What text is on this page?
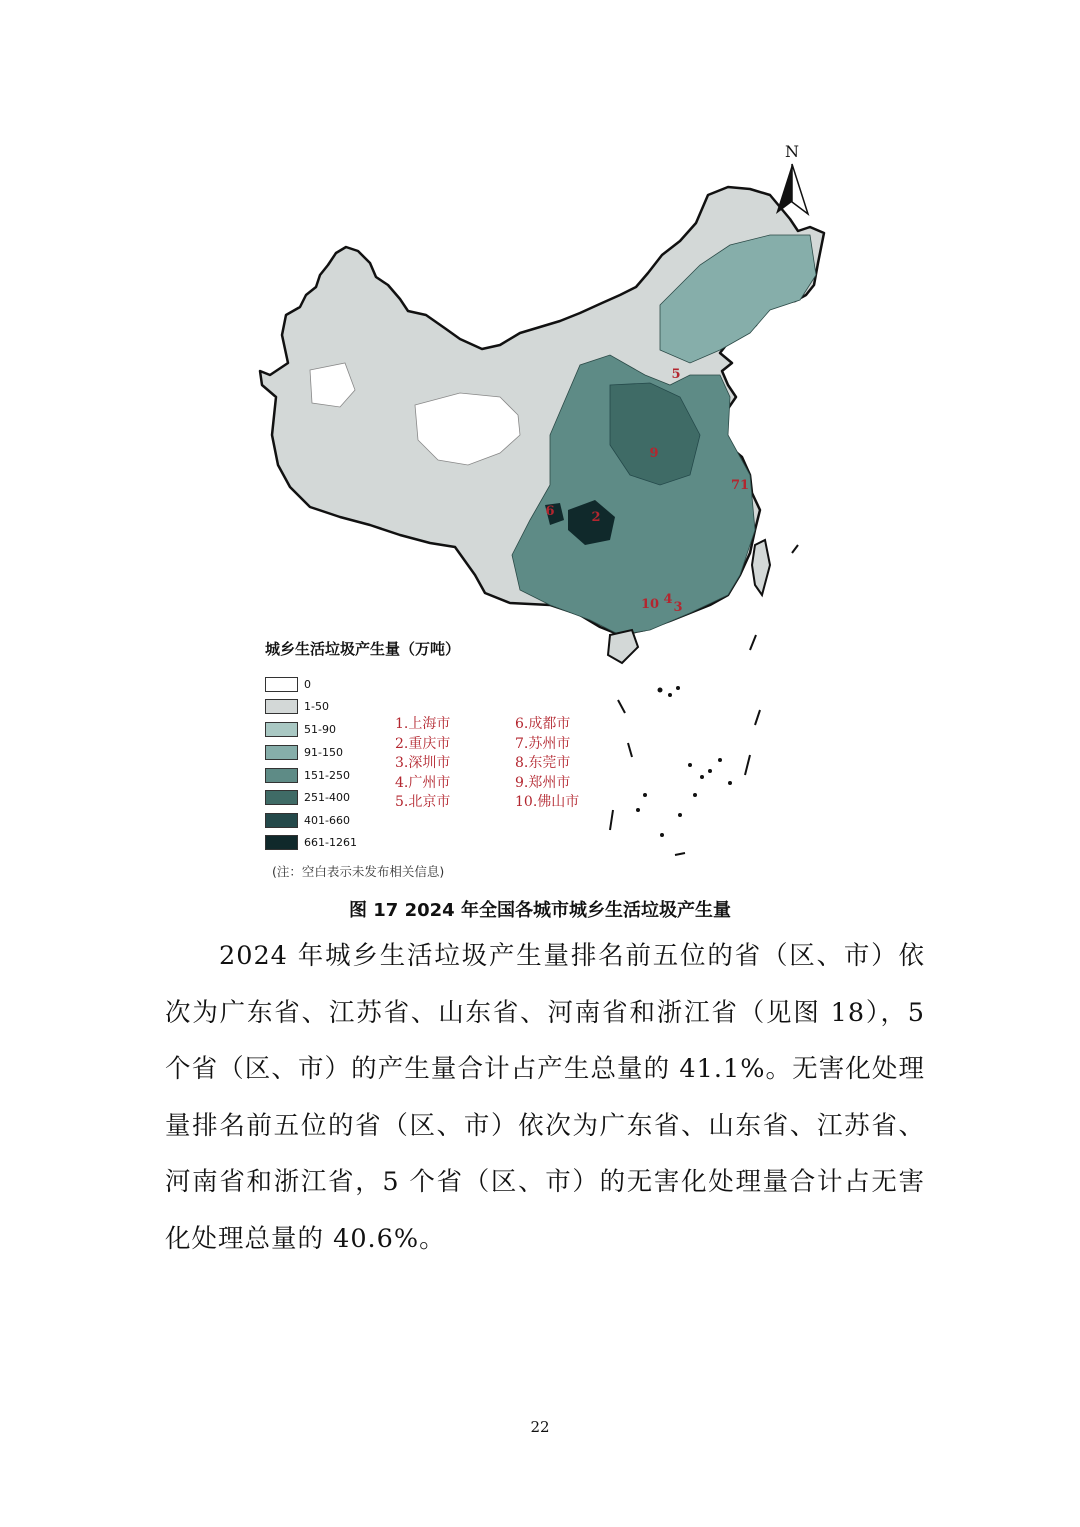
N
5
9
71
6	2
10 4
3
城乡生活垃圾产生量（万吨）
0
1-50
51-90
91-150
151-250
251-400
401-660
661-1261
1.上海市	6.成都市
2.重庆市	7.苏州市
3.深圳市	8.东莞市
4.广州市	9.郑州市
5.北京市	10.佛山市
(注：空白表示未发布相关信息)
图 17 2024 年全国各城市城乡生活垃圾产生量
2024 年城乡生活垃圾产生量排名前五位的省（区、市）依次为广东省、江苏省、山东省、河南省和浙江省（见图 18），5 个省（区、市）的产生量合计占产生总量的 41.1%。无害化处理量排名前五位的省（区、市）依次为广东省、山东省、江苏省、河南省和浙江省，5 个省（区、市）的无害化处理量合计占无害化处理总量的 40.6%。
22
